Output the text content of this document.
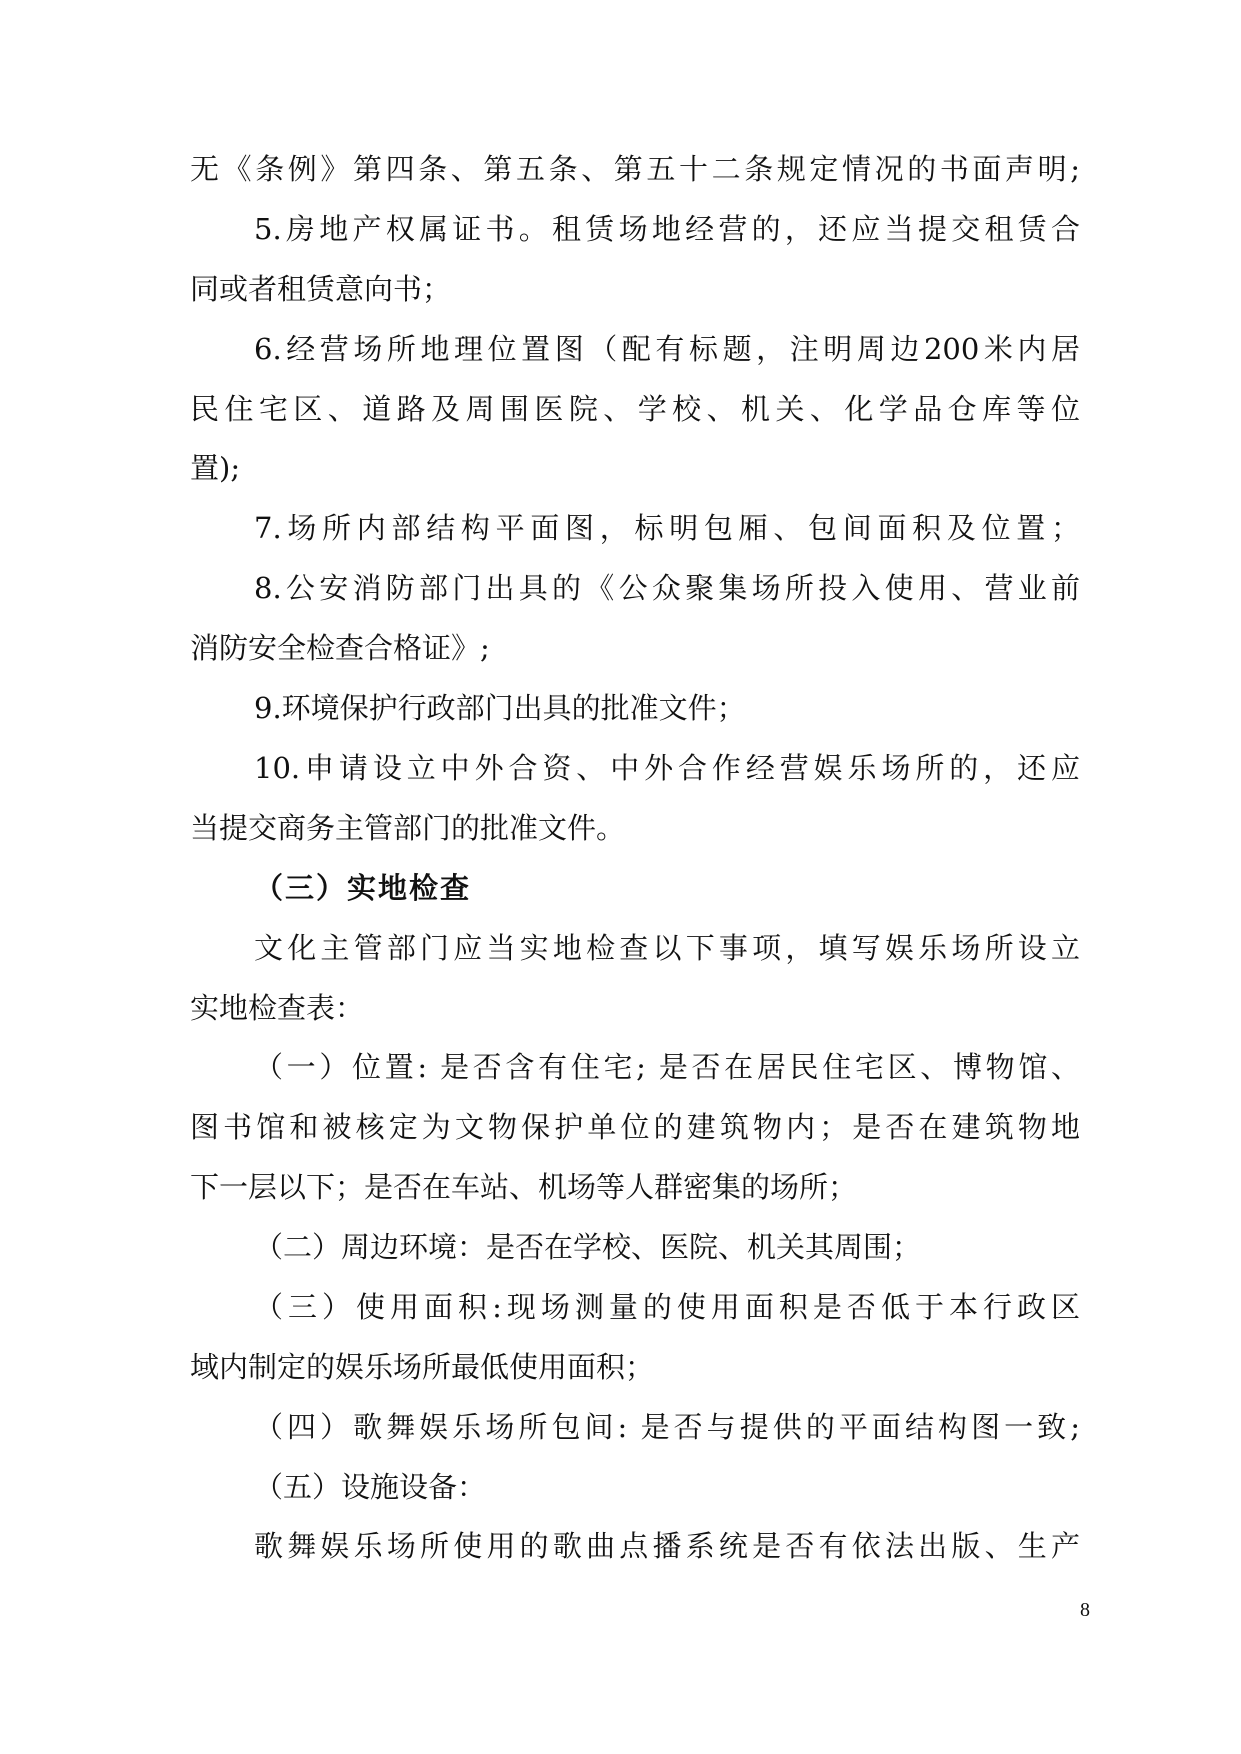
无《条例》第四条、第五条、第五十二条规定情况的书面声明;
5.房地产权属证书。租赁场地经营的，还应当提交租赁合
同或者租赁意向书；
6.经营场所地理位置图（配有标题，注明周边200米内居
民住宅区、道路及周围医院、学校、机关、化学品仓库等位
置);
7.场所内部结构平面图，标明包厢、包间面积及位置；
8.公安消防部门出具的《公众聚集场所投入使用、营业前
消防安全检查合格证》;
9.环境保护行政部门出具的批准文件；
10.申请设立中外合资、中外合作经营娱乐场所的，还应
当提交商务主管部门的批准文件。
（三）实地检查
文化主管部门应当实地检查以下事项，填写娱乐场所设立
实地检查表：
（一）位置: 是否含有住宅; 是否在居民住宅区、博物馆、
图书馆和被核定为文物保护单位的建筑物内；是否在建筑物地
下一层以下；是否在车站、机场等人群密集的场所；
（二）周边环境：是否在学校、医院、机关其周围；
（三）使用面积:现场测量的使用面积是否低于本行政区
域内制定的娱乐场所最低使用面积；
（四）歌舞娱乐场所包间: 是否与提供的平面结构图一致;
（五）设施设备：
歌舞娱乐场所使用的歌曲点播系统是否有依法出版、生产
8
